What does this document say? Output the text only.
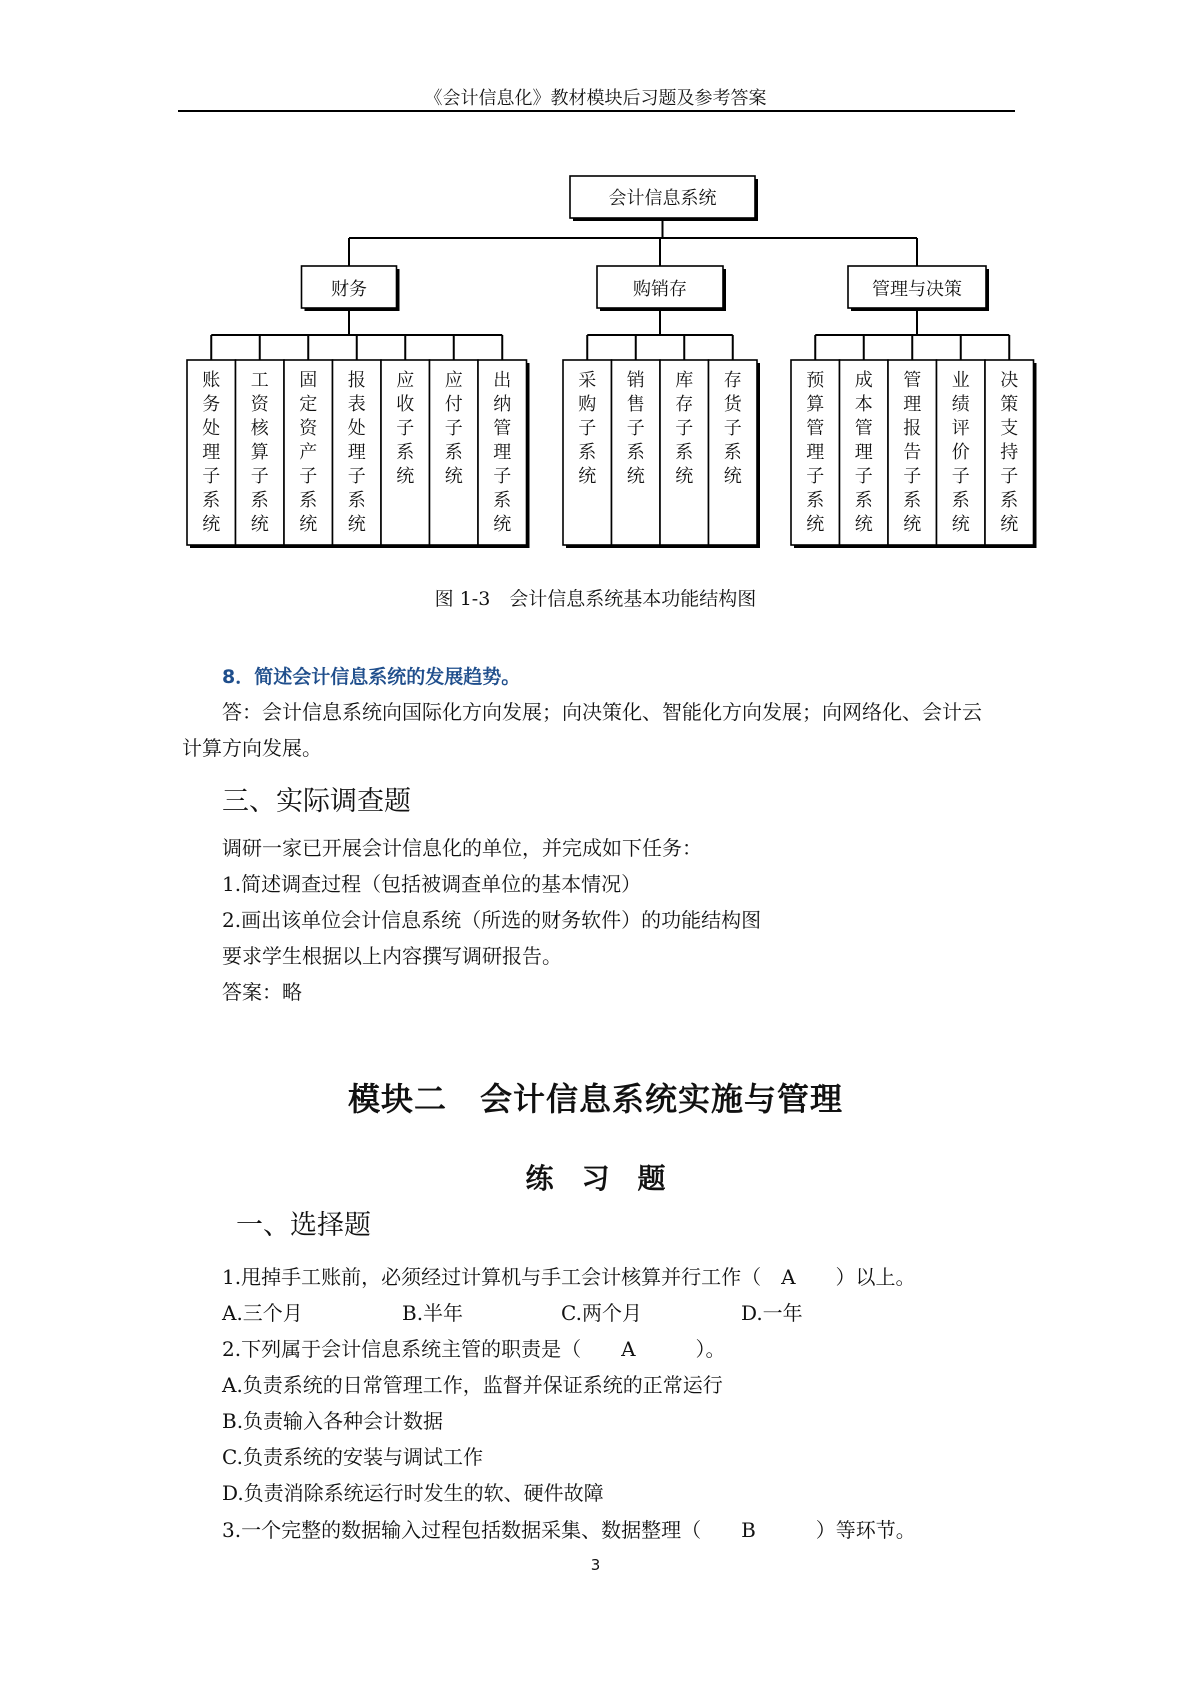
《会计信息化》教材模块后习题及参考答案
会计信息系统
财务
账
务
处
理
子
系
统
工
资
核
算
子
系
统
固
定
资
产
子
系
统
报
表
处
理
子
系
统
应
收
子
系
统
应
付
子
系
统
出
纳
管
理
子
系
统
购销存
采
购
子
系
统
销
售
子
系
统
库
存
子
系
统
存
货
子
系
统
管理与决策
预
算
管
理
子
系
统
成
本
管
理
子
系
统
管
理
报
告
子
系
统
业
绩
评
价
子
系
统
决
策
支
持
子
系
统
图 1-3　会计信息系统基本功能结构图
8．简述会计信息系统的发展趋势。
答：会计信息系统向国际化方向发展；向决策化、智能化方向发展；向网络化、会计云
计算方向发展。
三、实际调查题
调研一家已开展会计信息化的单位，并完成如下任务：
1.简述调查过程（包括被调查单位的基本情况）
2.画出该单位会计信息系统（所选的财务软件）的功能结构图
要求学生根据以上内容撰写调研报告。
答案：略
模块二　会计信息系统实施与管理
练　习　题
一、选择题
1.甩掉手工账前，必须经过计算机与手工会计核算并行工作（　A　　）以上。
A.三个月	B.半年	C.两个月	D.一年
2.下列属于会计信息系统主管的职责是（　　A　　　）。
A.负责系统的日常管理工作，监督并保证系统的正常运行
B.负责输入各种会计数据
C.负责系统的安装与调试工作
D.负责消除系统运行时发生的软、硬件故障
3.一个完整的数据输入过程包括数据采集、数据整理（　　B　　　）等环节。
3
